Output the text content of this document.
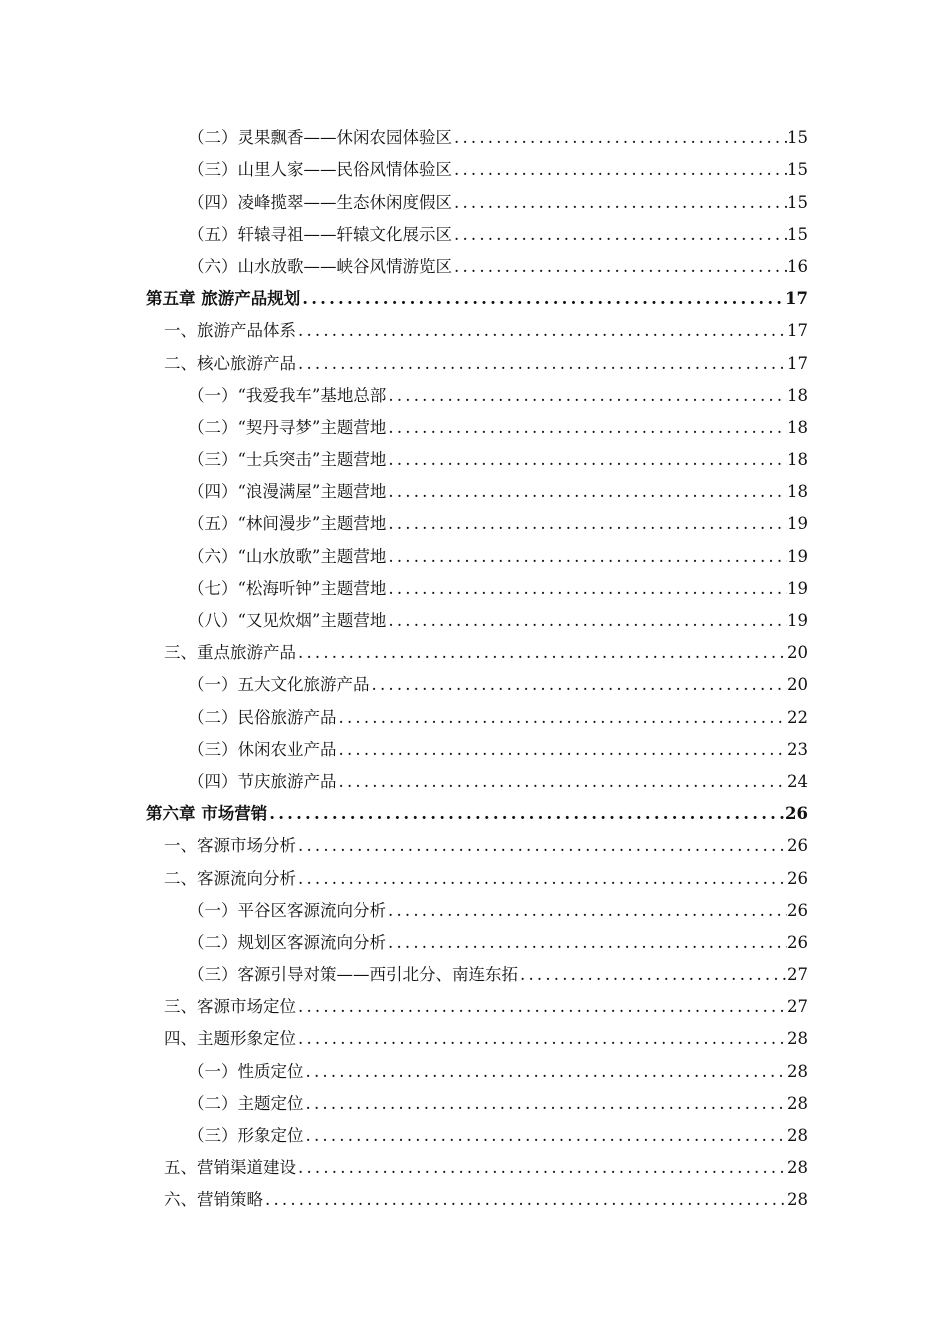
（二）灵果飘香——休闲农园体验区 .....	15
（三）山里人家——民俗风情体验区 .....	15
（四）凌峰揽翠——生态休闲度假区 .....	15
（五）轩辕寻祖——轩辕文化展示区 .....	15
（六）山水放歌——峡谷风情游览区 .....	16
第五章 旅游产品规划 .....	17
一、旅游产品体系 .....	17
二、核心旅游产品 .....	17
（一）“我爱我车”基地总部 .....	18
（二）“契丹寻梦”主题营地 .....	18
（三）“士兵突击”主题营地 .....	18
（四）“浪漫满屋”主题营地 .....	18
（五）“林间漫步”主题营地 .....	19
（六）“山水放歌”主题营地 .....	19
（七）“松海听钟”主题营地 .....	19
（八）“又见炊烟”主题营地 .....	19
三、重点旅游产品 .....	20
（一）五大文化旅游产品 .....	20
（二）民俗旅游产品 .....	22
（三）休闲农业产品 .....	23
（四）节庆旅游产品 .....	24
第六章 市场营销 .....	26
一、客源市场分析 .....	26
二、客源流向分析 .....	26
（一）平谷区客源流向分析 .....	26
（二）规划区客源流向分析 .....	26
（三）客源引导对策——西引北分、南连东拓 .....	27
三、客源市场定位 .....	27
四、主题形象定位 .....	28
（一）性质定位 .....	28
（二）主题定位 .....	28
（三）形象定位 .....	28
五、营销渠道建设 .....	28
六、营销策略 .....	28
